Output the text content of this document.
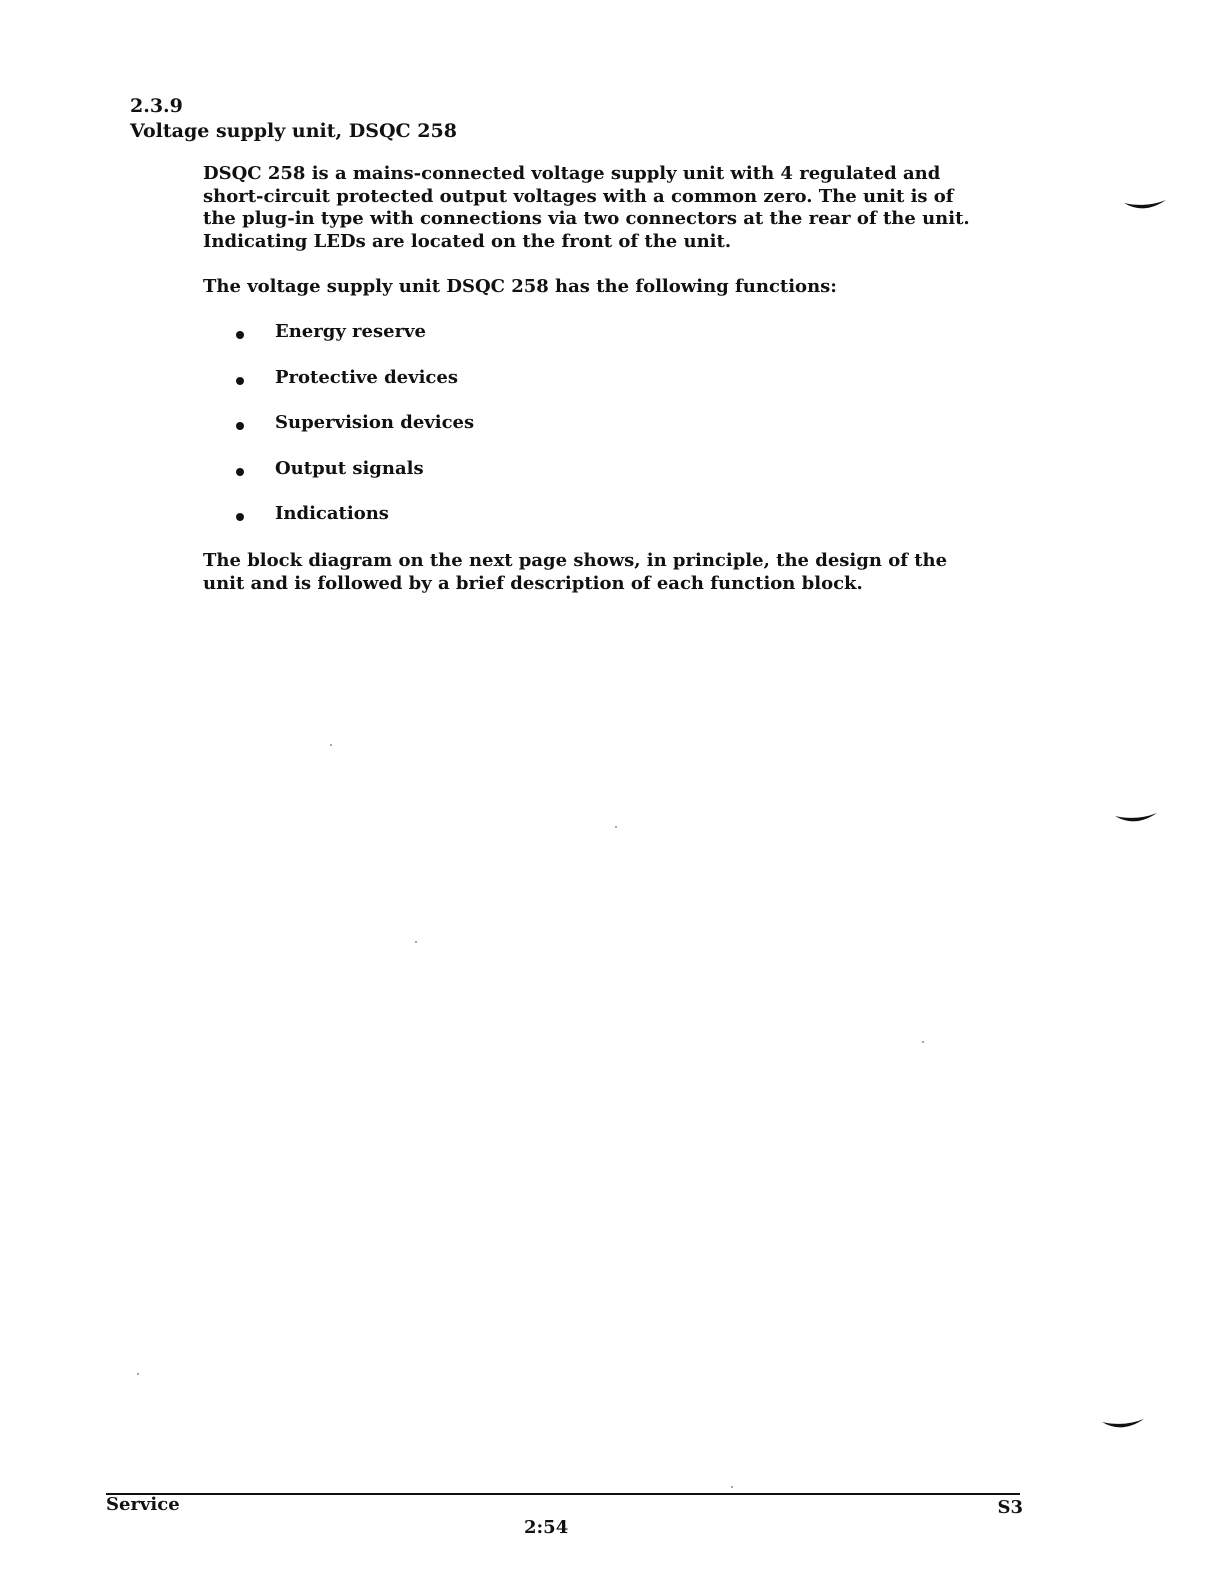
2.3.9
Voltage supply unit, DSQC 258
DSQC 258 is a mains-connected voltage supply unit with 4 regulated and short-circuit protected output voltages with a common zero. The unit is of the plug-in type with connections via two connectors at the rear of the unit. Indicating LEDs are located on the front of the unit.
The voltage supply unit DSQC 258 has the following functions:
Energy reserve
Protective devices
Supervision devices
Output signals
Indications
The block diagram on the next page shows, in principle, the design of the unit and is followed by a brief description of each function block.
Service	S3
2:54
